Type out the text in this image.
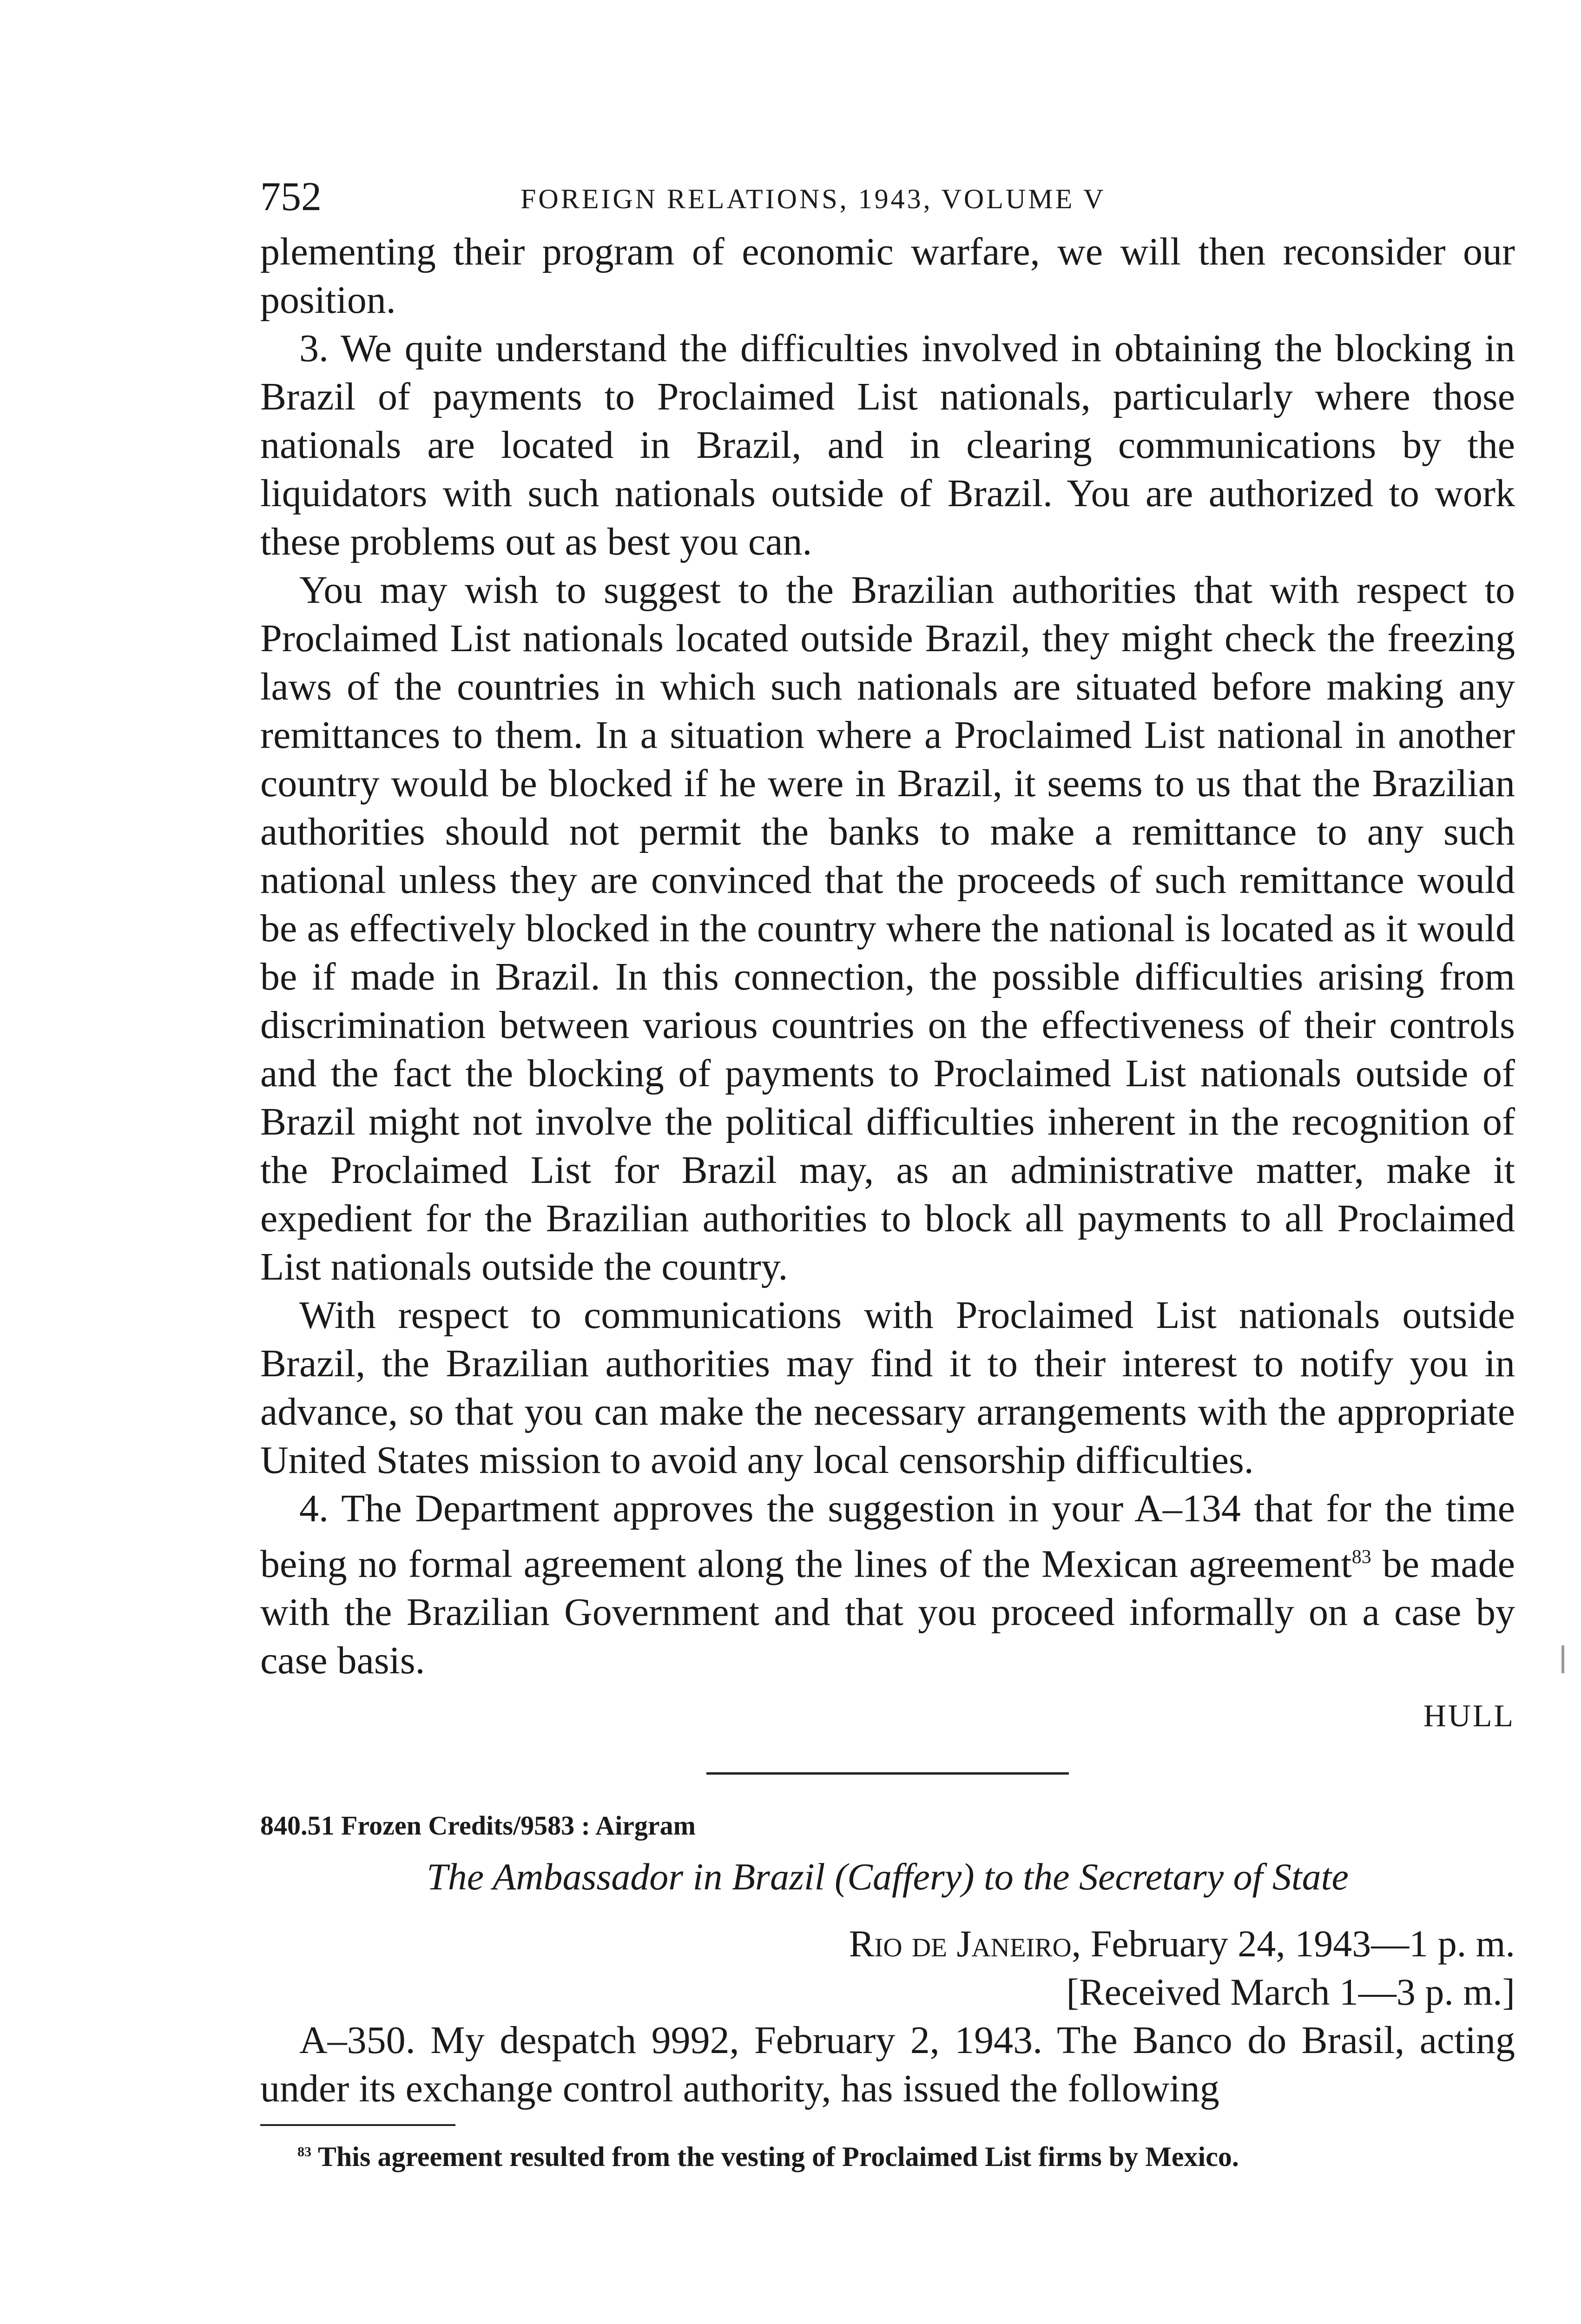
752	FOREIGN RELATIONS, 1943, VOLUME V

plementing their program of economic warfare, we will then reconsider our position.

3. We quite understand the difficulties involved in obtaining the blocking in Brazil of payments to Proclaimed List nationals, particularly where those nationals are located in Brazil, and in clearing communications by the liquidators with such nationals outside of Brazil. You are authorized to work these problems out as best you can.

You may wish to suggest to the Brazilian authorities that with respect to Proclaimed List nationals located outside Brazil, they might check the freezing laws of the countries in which such nationals are situated before making any remittances to them. In a situation where a Proclaimed List national in another country would be blocked if he were in Brazil, it seems to us that the Brazilian authorities should not permit the banks to make a remittance to any such national unless they are convinced that the proceeds of such remittance would be as effectively blocked in the country where the national is located as it would be if made in Brazil. In this connection, the possible difficulties arising from discrimination between various countries on the effectiveness of their controls and the fact the blocking of payments to Proclaimed List nationals outside of Brazil might not involve the political difficulties inherent in the recognition of the Proclaimed List for Brazil may, as an administrative matter, make it expedient for the Brazilian authorities to block all payments to all Proclaimed List nationals outside the country.

With respect to communications with Proclaimed List nationals outside Brazil, the Brazilian authorities may find it to their interest to notify you in advance, so that you can make the necessary arrangements with the appropriate United States mission to avoid any local censorship difficulties.

4. The Department approves the suggestion in your A–134 that for the time being no formal agreement along the lines of the Mexican agreement$^{83}$ be made with the Brazilian Government and that you proceed informally on a case by case basis.

HULL

840.51 Frozen Credits/9583 : Airgram

The Ambassador in Brazil (Caffery) to the Secretary of State

Rio de Janeiro, February 24, 1943—1 p. m.

[Received March 1—3 p. m.]

A–350. My despatch 9992, February 2, 1943. The Banco do Brasil, acting under its exchange control authority, has issued the following

$^{83}$ This agreement resulted from the vesting of Proclaimed List firms by Mexico.
